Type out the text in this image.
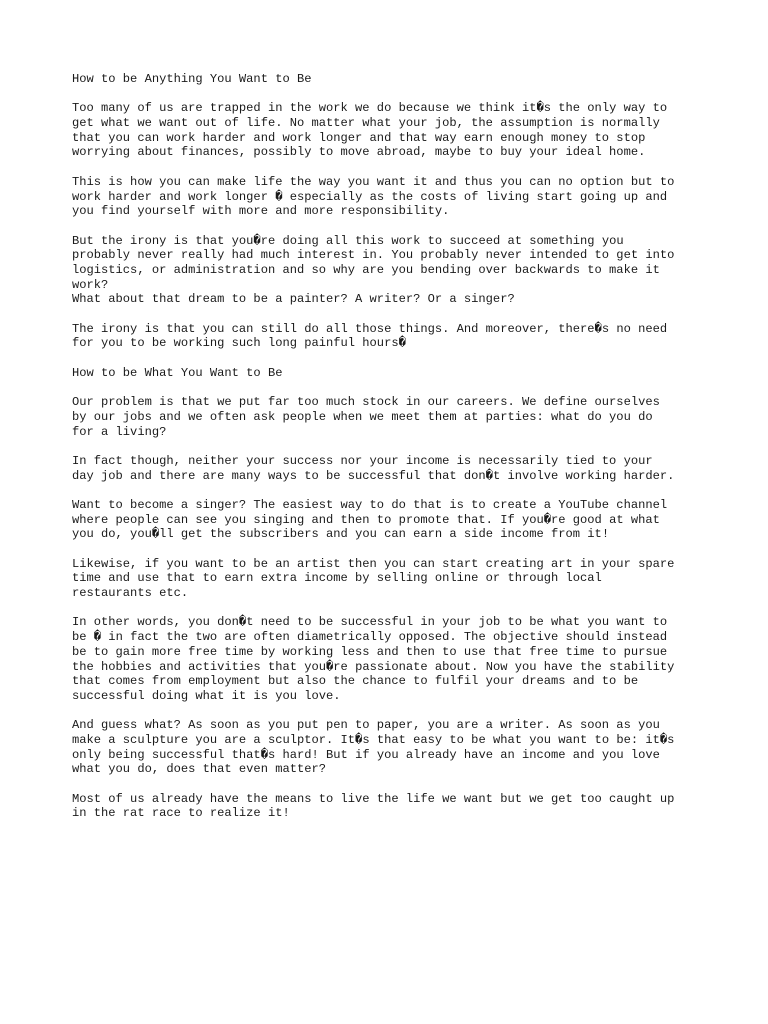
How to be Anything You Want to Be
Too many of us are trapped in the work we do because we think it�s the only way to
get what we want out of life. No matter what your job, the assumption is normally
that you can work harder and work longer and that way earn enough money to stop
worrying about finances, possibly to move abroad, maybe to buy your ideal home.
This is how you can make life the way you want it and thus you can no option but to
work harder and work longer � especially as the costs of living start going up and
you find yourself with more and more responsibility.
But the irony is that you�re doing all this work to succeed at something you
probably never really had much interest in. You probably never intended to get into
logistics, or administration and so why are you bending over backwards to make it
work?
What about that dream to be a painter? A writer? Or a singer?
The irony is that you can still do all those things. And moreover, there�s no need
for you to be working such long painful hours�
How to be What You Want to Be
Our problem is that we put far too much stock in our careers. We define ourselves
by our jobs and we often ask people when we meet them at parties: what do you do
for a living?
In fact though, neither your success nor your income is necessarily tied to your
day job and there are many ways to be successful that don�t involve working harder.
Want to become a singer? The easiest way to do that is to create a YouTube channel
where people can see you singing and then to promote that. If you�re good at what
you do, you�ll get the subscribers and you can earn a side income from it!
Likewise, if you want to be an artist then you can start creating art in your spare
time and use that to earn extra income by selling online or through local
restaurants etc.
In other words, you don�t need to be successful in your job to be what you want to
be � in fact the two are often diametrically opposed. The objective should instead
be to gain more free time by working less and then to use that free time to pursue
the hobbies and activities that you�re passionate about. Now you have the stability
that comes from employment but also the chance to fulfil your dreams and to be
successful doing what it is you love.
And guess what? As soon as you put pen to paper, you are a writer. As soon as you
make a sculpture you are a sculptor. It�s that easy to be what you want to be: it�s
only being successful that�s hard! But if you already have an income and you love
what you do, does that even matter?
Most of us already have the means to live the life we want but we get too caught up
in the rat race to realize it!
